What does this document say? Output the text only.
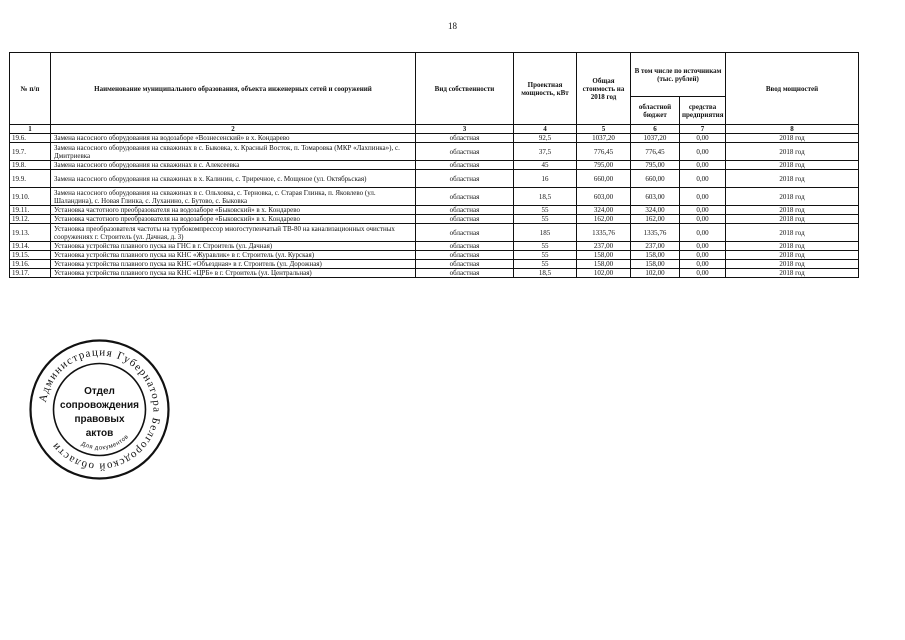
18
№ п/п	Наименование муниципального образования, объекта инженерных сетей и сооружений	Вид собственности	Проектная мощность, кВт	Общая стоимость на 2018 год	В том числе по источникам (тыс. рублей)		Ввод мощностей
					областной бюджет	средства предприятия	
1	2	3	4	5	6	7	8
19.6.	Замена насосного оборудования на водозаборе «Вознесенский» в х. Кондарево	областная	92,5	1037,20	1037,20	0,00	2018 год
19.7.	Замена насосного оборудования на скважинах в с. Быковка, х. Красный Восток, п. Томаровка (МКР «Лахпинка»), с. Дмитриевка	областная	37,5	776,45	776,45	0,00	2018 год
19.8.	Замена насосного оборудования на скважинах в с. Алексеевка	областная	45	795,00	795,00	0,00	2018 год
19.9.	Замена насосного оборудования на скважинах в х. Калинин, с. Триречное, с. Мощеное (ул. Октябрьская)	областная	16	660,00	660,00	0,00	2018 год
19.10.	Замена насосного оборудования на скважинах в с. Ольховка, с. Терновка, с. Старая Глинка, п. Яковлево (ул. Шаландина), с. Новая Глинка, с. Луханино, с. Бутово, с. Быковка	областная	18,5	603,00	603,00	0,00	2018 год
19.11.	Установка частотного преобразователя на водозаборе «Быковский» в х. Кондарево	областная	55	324,00	324,00	0,00	2018 год
19.12.	Установка частотного преобразователя на водозаборе «Быковский» в х. Кондарево	областная	55	162,00	162,00	0,00	2018 год
19.13.	Установка преобразователя частоты на турбокомпрессор многоступенчатый ТВ-80 на канализационных очистных сооружениях г. Строитель (ул. Дачная, д. 3)	областная	185	1335,76	1335,76	0,00	2018 год
19.14.	Установка устройства плавного пуска на ГНС в г. Строитель (ул. Дачная)	областная	55	237,00	237,00	0,00	2018 год
19.15.	Установка устройства плавного пуска на КНС «Журавлик» в г. Строитель (ул. Курская)	областная	55	158,00	158,00	0,00	2018 год
19.16.	Установка устройства плавного пуска на КНС «Объездная» в г. Строитель (ул. Дорожная)	областная	55	158,00	158,00	0,00	2018 год
19.17.	Установка устройства плавного пуска на КНС «ЦРБ» в г. Строитель (ул. Центральная)	областная	18,5	102,00	102,00	0,00	2018 год
Администрация Губернатора Белгородской области	Для документов
Отдел
сопровождения
правовых
актов
